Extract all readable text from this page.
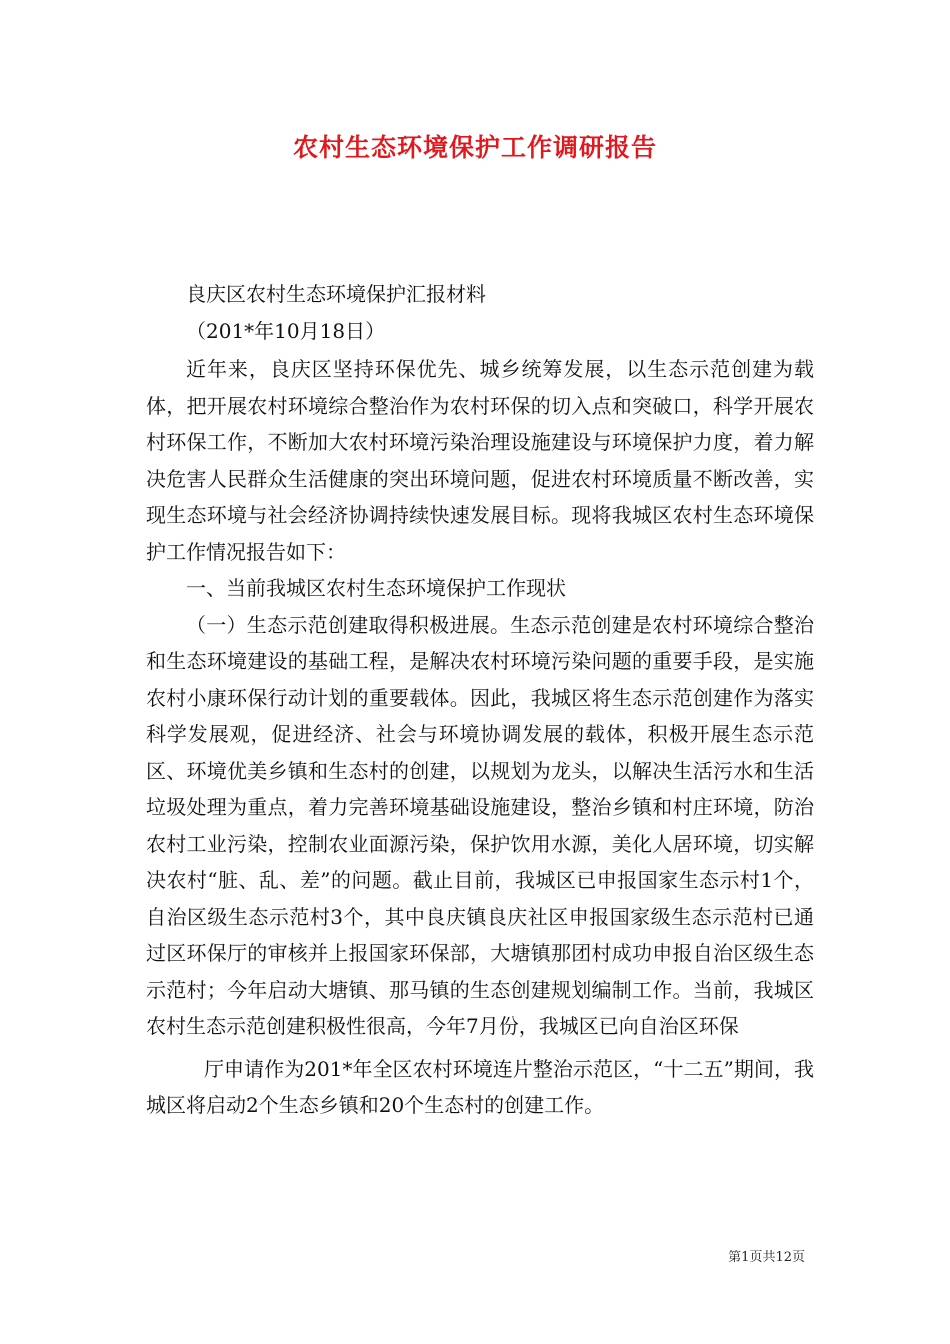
农村生态环境保护工作调研报告

良庆区农村生态环境保护汇报材料

（201*年10月18日）

近年来，良庆区坚持环保优先、城乡统筹发展，以生态示范创建为载体，把开展农村环境综合整治作为农村环保的切入点和突破口，科学开展农村环保工作，不断加大农村环境污染治理设施建设与环境保护力度，着力解决危害人民群众生活健康的突出环境问题，促进农村环境质量不断改善，实现生态环境与社会经济协调持续快速发展目标。现将我城区农村生态环境保护工作情况报告如下：

一、当前我城区农村生态环境保护工作现状

（一）生态示范创建取得积极进展。生态示范创建是农村环境综合整治和生态环境建设的基础工程，是解决农村环境污染问题的重要手段，是实施农村小康环保行动计划的重要载体。因此，我城区将生态示范创建作为落实科学发展观，促进经济、社会与环境协调发展的载体，积极开展生态示范区、环境优美乡镇和生态村的创建，以规划为龙头，以解决生活污水和生活垃圾处理为重点，着力完善环境基础设施建设，整治乡镇和村庄环境，防治农村工业污染，控制农业面源污染，保护饮用水源，美化人居环境，切实解决农村“脏、乱、差”的问题。截止目前，我城区已申报国家生态示村1个，自治区级生态示范村3个，其中良庆镇良庆社区申报国家级生态示范村已通过区环保厅的审核并上报国家环保部，大塘镇那团村成功申报自治区级生态示范村；今年启动大塘镇、那马镇的生态创建规划编制工作。当前，我城区农村生态示范创建积极性很高，今年7月份，我城区已向自治区环保

厅申请作为201*年全区农村环境连片整治示范区，“十二五”期间，我城区将启动2个生态乡镇和20个生态村的创建工作。

第1页共12页
